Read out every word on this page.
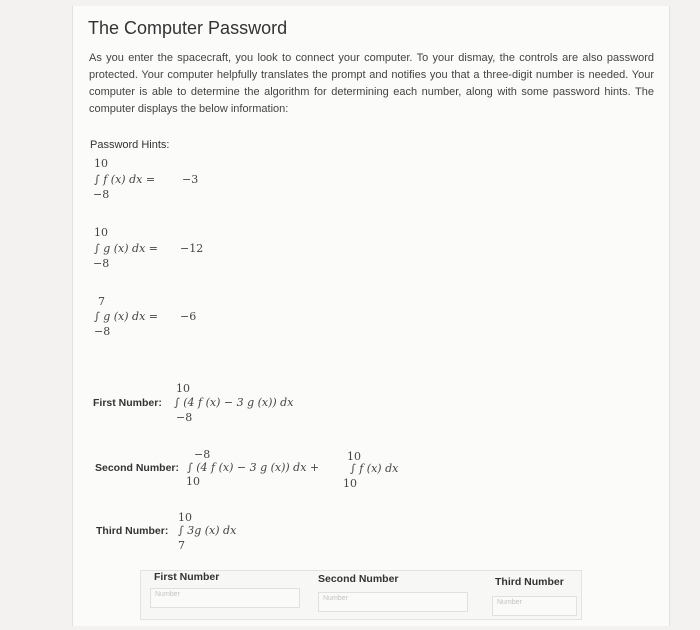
The Computer Password
As you enter the spacecraft, you look to connect your computer. To your dismay, the controls are also password protected. Your computer helpfully translates the prompt and notifies you that a three-digit number is needed. Your computer is able to determine the algorithm for determining each number, along with some password hints. The computer displays the below information:
Password Hints:
10
∫ f (x) dx = −3
−8
10
∫ g (x) dx = −12
−8
7
∫ g (x) dx = −6
−8
10
First Number: ∫ (4 f (x) − 3 g (x)) dx
−8
−8	10
Second Number: ∫ (4 f (x) − 3 g (x)) dx +	∫ f (x) dx
10	10
10
Third Number: ∫ 3g (x) dx
7
First Number	Second Number	Third Number
Number
Number
Number
